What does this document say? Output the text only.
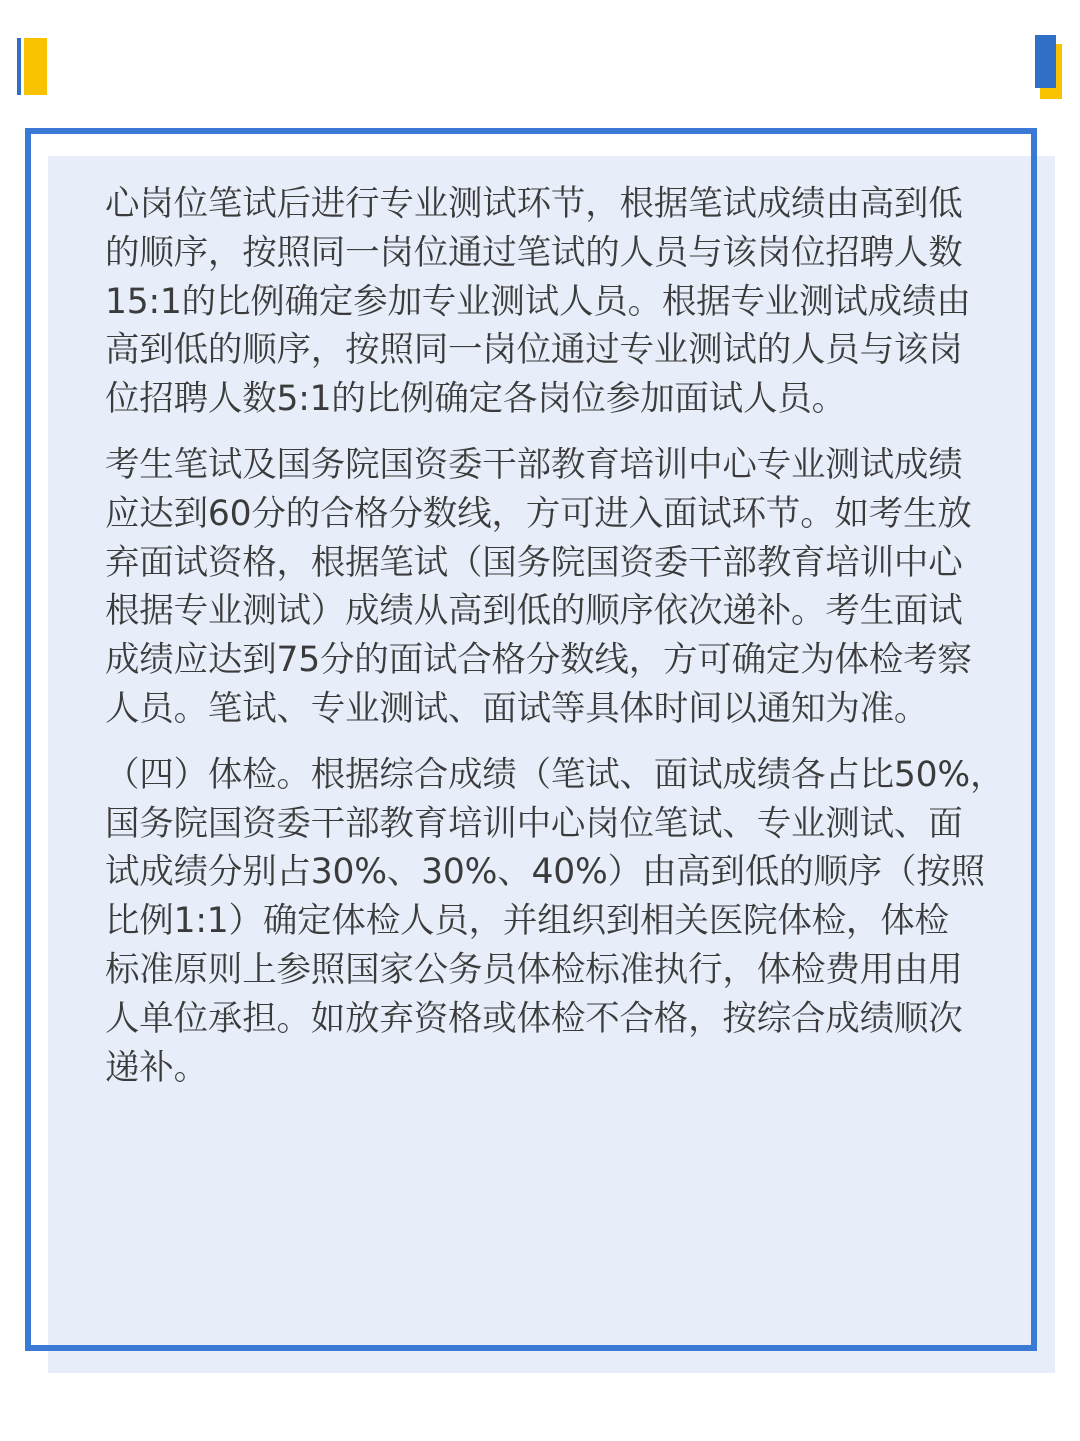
心岗位笔试后进行专业测试环节，根据笔试成绩由高到低
的顺序，按照同一岗位通过笔试的人员与该岗位招聘人数
15:1的比例确定参加专业测试人员。根据专业测试成绩由
高到低的顺序，按照同一岗位通过专业测试的人员与该岗
位招聘人数5:1的比例确定各岗位参加面试人员。

考生笔试及国务院国资委干部教育培训中心专业测试成绩
应达到60分的合格分数线，方可进入面试环节。如考生放
弃面试资格，根据笔试（国务院国资委干部教育培训中心
根据专业测试）成绩从高到低的顺序依次递补。考生面试
成绩应达到75分的面试合格分数线，方可确定为体检考察
人员。笔试、专业测试、面试等具体时间以通知为准。

（四）体检。根据综合成绩（笔试、面试成绩各占比50%，
国务院国资委干部教育培训中心岗位笔试、专业测试、面
试成绩分别占30%、30%、40%）由高到低的顺序（按照
比例1:1）确定体检人员，并组织到相关医院体检，体检
标准原则上参照国家公务员体检标准执行，体检费用由用
人单位承担。如放弃资格或体检不合格，按综合成绩顺次
递补。
